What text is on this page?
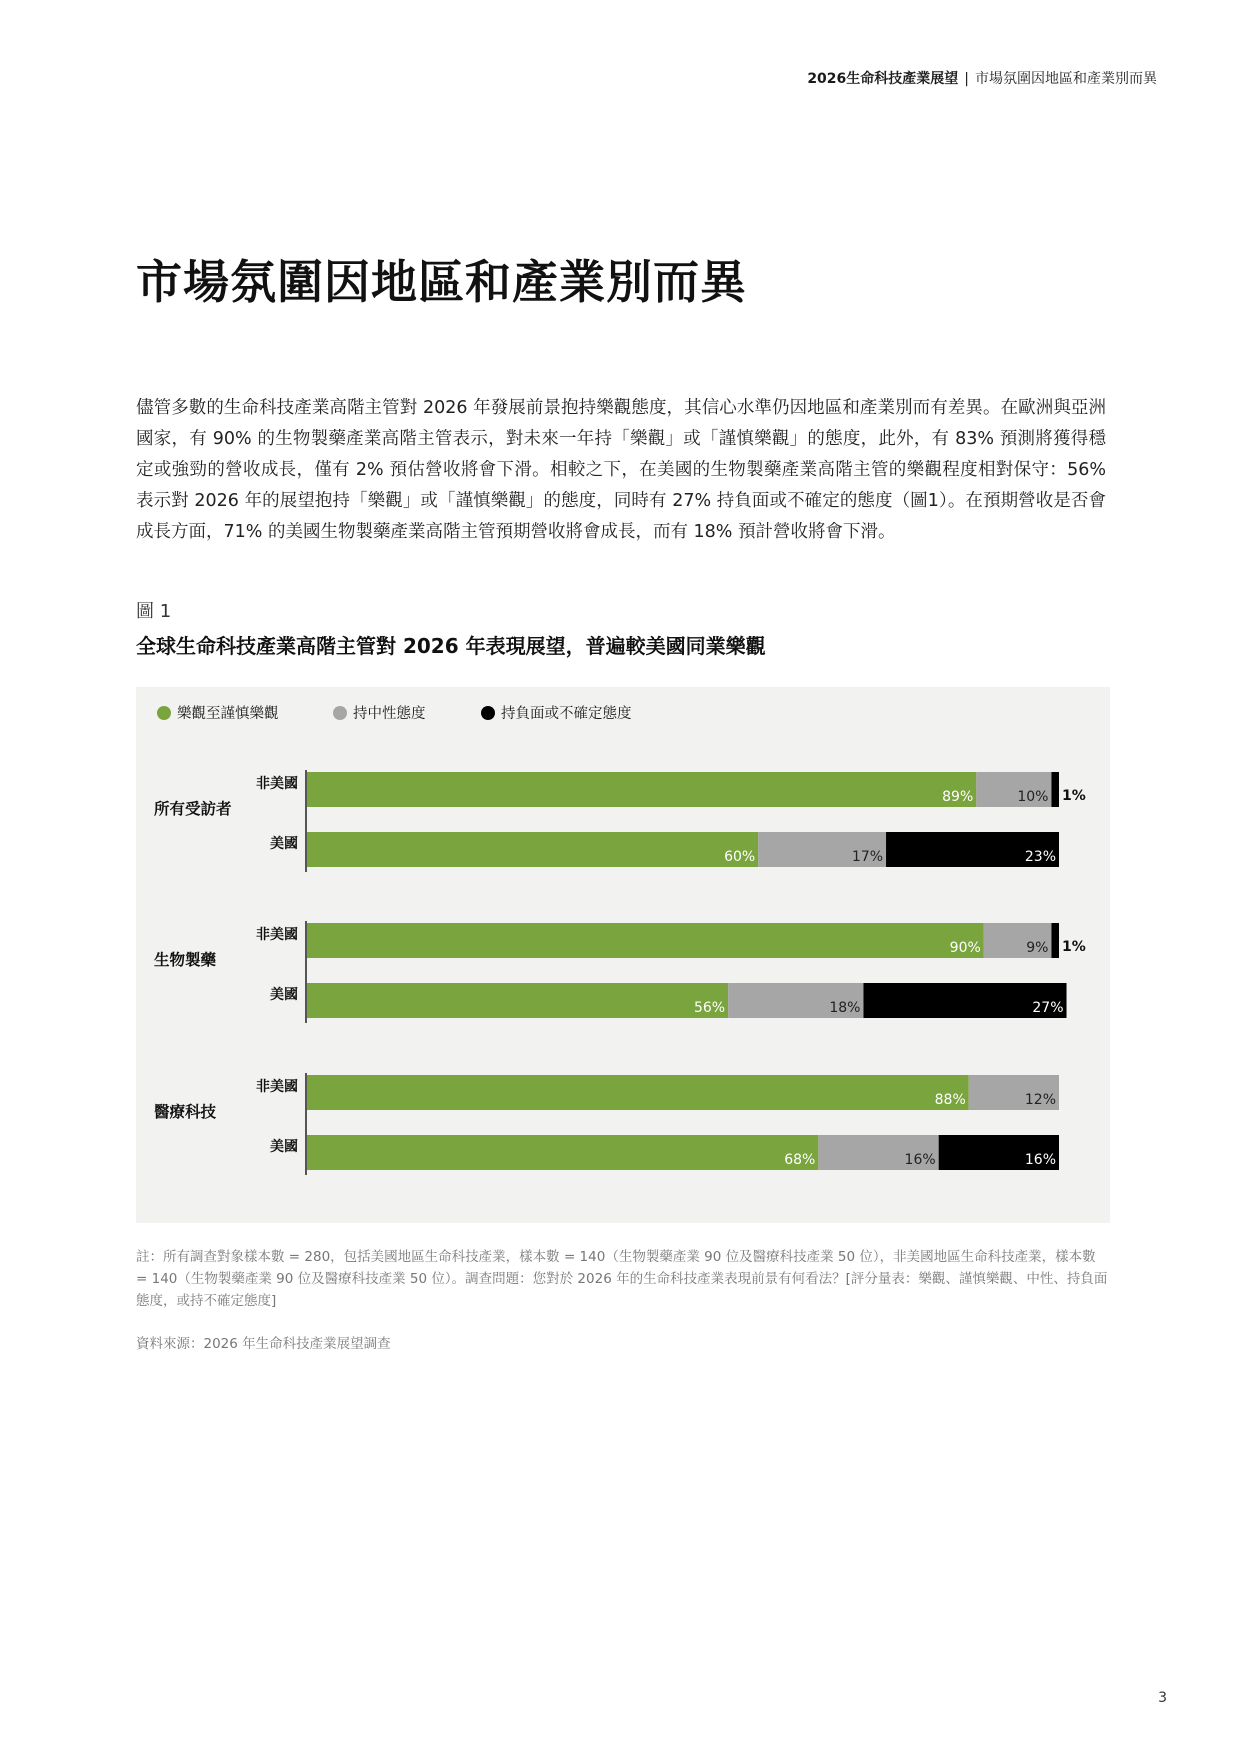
2026生命科技產業展望 | 市場氛圍因地區和產業別而異
市場氛圍因地區和產業別而異

儘管多數的生命科技產業高階主管對 2026 年發展前景抱持樂觀態度，其信心水準仍因地區和產業別而有差異。在歐洲與亞洲國家，有 90% 的生物製藥產業高階主管表示，對未來一年持「樂觀」或「謹慎樂觀」的態度，此外，有 83% 預測將獲得穩定或強勁的營收成長，僅有 2% 預估營收將會下滑。相較之下，在美國的生物製藥產業高階主管的樂觀程度相對保守：56% 表示對 2026 年的展望抱持「樂觀」或「謹慎樂觀」的態度，同時有 27% 持負面或不確定的態度（圖1）。在預期營收是否會成長方面，71% 的美國生物製藥產業高階主管預期營收將會成長，而有 18% 預計營收將會下滑。

圖 1
全球生命科技產業高階主管對 2026 年表現展望，普遍較美國同業樂觀
樂觀至謹慎樂觀	持中性態度	持負面或不確定態度
所有受訪者
非美國
89%	10% 1%
美國
60%	17%	23%
生物製藥
非美國
90%	9% 1%
美國
56%	18%	27%
醫療科技
非美國
88%	12%
美國
68%	16%	16%

註：所有調查對象樣本數 = 280，包括美國地區生命科技產業，樣本數 = 140（生物製藥產業 90 位及醫療科技產業 50 位），非美國地區生命科技產業，樣本數 = 140（生物製藥產業 90 位及醫療科技產業 50 位）。調查問題：您對於 2026 年的生命科技產業表現前景有何看法？[評分量表：樂觀、謹慎樂觀、中性、持負面態度，或持不確定態度]

資料來源：2026 年生命科技產業展望調查

3
